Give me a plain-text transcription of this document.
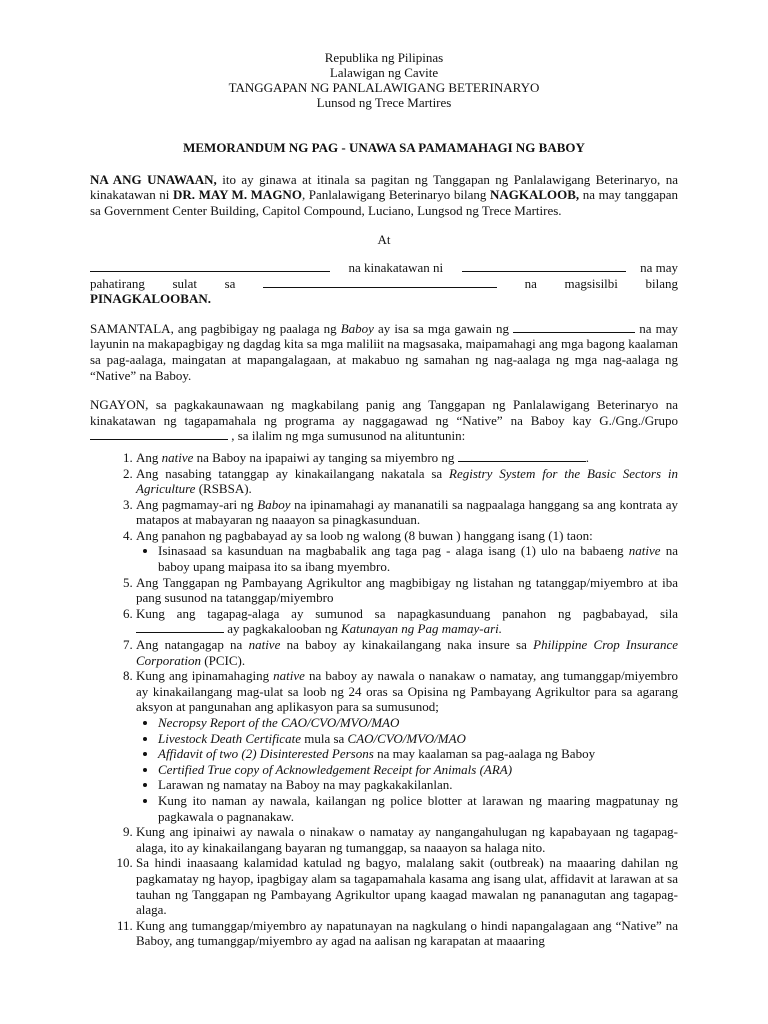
Republika ng Pilipinas
Lalawigan ng Cavite
TANGGAPAN NG PANLALAWIGANG BETERINARYO
Lunsod ng Trece Martires
MEMORANDUM NG PAG - UNAWA SA PAMAMAHAGI NG BABOY

NA ANG UNAWAAN, ito ay ginawa at itinala sa pagitan ng Tanggapan ng Panlalawigang Beterinaryo, na kinakatawan ni DR. MAY M. MAGNO, Panlalawigang Beterinaryo bilang NAGKALOOB, na may tanggapan sa Government Center Building, Capitol Compound, Luciano, Lungsod ng Trece Martires.

At
na kinakatawan ni	na may
pahatirang sulat sa	na magsisilbi bilang

PINAGKALOOBAN.

SAMANTALA, ang pagbibigay ng paalaga ng Baboy ay isa sa mga gawain ng	na may layunin na makapagbigay ng dagdag kita sa mga maliliit na magsasaka, maipamahagi ang mga bagong kaalaman sa pag-aalaga, maingatan at mapangalagaan, at makabuo ng samahan ng nag-aalaga ng mga nag-aalaga ng “Native” na Baboy.

NGAYON, sa pagkakaunawaan ng magkabilang panig ang Tanggapan ng Panlalawigang Beterinaryo na kinakatawan ng tagapamahala ng programa ay naggagawad ng “Native” na Baboy kay G./Gng./Grupo  , sa ilalim ng mga sumusunod na alituntunin:

1. Ang native na Baboy na ipapaiwi ay tanging sa miyembro ng	.
2. Ang nasabing tatanggap ay kinakailangang nakatala sa Registry System for the Basic Sectors in Agriculture (RSBSA).
3. Ang pagmamay-ari ng Baboy na ipinamahagi ay mananatili sa nagpaalaga hanggang sa ang kontrata ay matapos at mabayaran ng naaayon sa pinagkasunduan.
4. Ang panahon ng pagbabayad ay sa loob ng walong (8 buwan ) hanggang isang (1) taon:
• Isinasaad sa kasunduan na magbabalik ang taga pag - alaga isang (1) ulo na babaeng native na baboy upang maipasa ito sa ibang myembro.
5. Ang Tanggapan ng Pambayang Agrikultor ang magbibigay ng listahan ng tatanggap/miyembro at iba pang susunod na tatanggap/miyembro
6. Kung ang tagapag-alaga ay sumunod sa napagkasunduang panahon ng pagbabayad, sila  ay pagkakalooban ng Katunayan ng Pag mamay-ari.
7. Ang natangagap na native na baboy ay kinakailangang naka insure sa Philippine Crop Insurance Corporation (PCIC).
8. Kung ang ipinamahaging native na baboy ay nawala o nanakaw o namatay, ang tumanggap/miyembro ay kinakailangang mag-ulat sa loob ng 24 oras sa Opisina ng Pambayang Agrikultor para sa agarang aksyon at pangunahan ang aplikasyon para sa sumusunod;
• Necropsy Report of the CAO/CVO/MVO/MAO
• Livestock Death Certificate mula sa CAO/CVO/MVO/MAO
• Affidavit of two (2) Disinterested Persons na may kaalaman sa pag-aalaga ng Baboy
• Certified True copy of Acknowledgement Receipt for Animals (ARA)
• Larawan ng namatay na Baboy na may pagkakakilanlan.
• Kung ito naman ay nawala, kailangan ng police blotter at larawan ng maaring magpatunay ng pagkawala o pagnanakaw.
9. Kung ang ipinaiwi ay nawala o ninakaw o namatay ay nangangahulugan ng kapabayaan ng tagapag-alaga, ito ay kinakailangang bayaran ng tumanggap, sa naaayon sa halaga nito.
10. Sa hindi inaasaang kalamidad katulad ng bagyo, malalang sakit (outbreak) na maaaring dahilan ng pagkamatay ng hayop, ipagbigay alam sa tagapamahala kasama ang isang ulat, affidavit at larawan at sa tauhan ng Tanggapan ng Pambayang Agrikultor upang kaagad mawalan ng pananagutan ang tagapag-alaga.
11. Kung ang tumanggap/miyembro ay napatunayan na nagkulang o hindi napangalagaan ang “Native” na Baboy, ang tumanggap/miyembro ay agad na aalisan ng karapatan at maaaring
